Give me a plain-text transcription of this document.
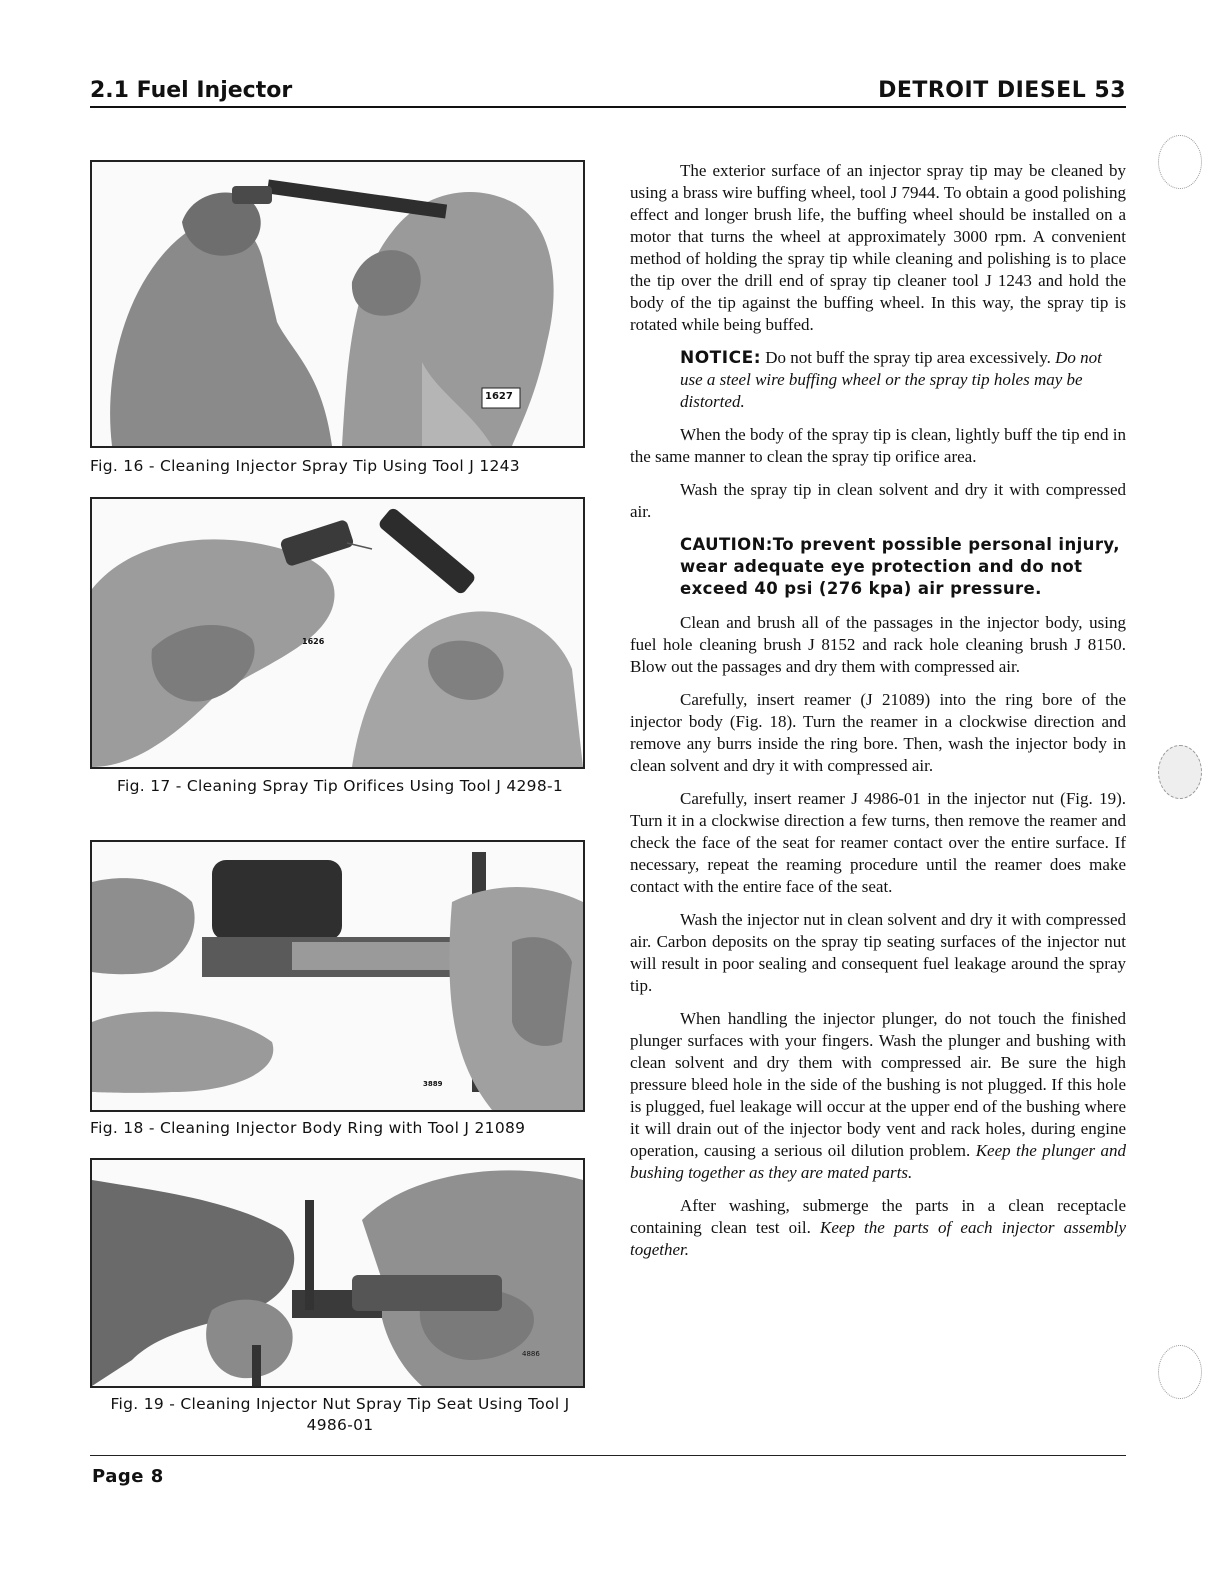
2.1 Fuel Injector	DETROIT DIESEL 53
1627
Fig. 16 - Cleaning Injector Spray Tip Using Tool J 1243
1626
Fig. 17 - Cleaning Spray Tip Orifices Using Tool J 4298-1
3889
Fig. 18 - Cleaning Injector Body Ring with Tool J 21089
4886
Fig. 19 - Cleaning Injector Nut Spray Tip Seat Using Tool J 4986-01

The exterior surface of an injector spray tip may be cleaned by using a brass wire buffing wheel, tool J 7944. To obtain a good polishing effect and longer brush life, the buffing wheel should be installed on a motor that turns the wheel at approximately 3000 rpm. A convenient method of holding the spray tip while cleaning and polishing is to place the tip over the drill end of spray tip cleaner tool J 1243 and hold the body of the tip against the buffing wheel. In this way, the spray tip is rotated while being buffed.

NOTICE: Do not buff the spray tip area excessively. Do not use a steel wire buffing wheel or the spray tip holes may be distorted.

When the body of the spray tip is clean, lightly buff the tip end in the same manner to clean the spray tip orifice area.

Wash the spray tip in clean solvent and dry it with compressed air.

CAUTION:To prevent possible personal injury, wear adequate eye protection and do not exceed 40 psi (276 kpa) air pressure.

Clean and brush all of the passages in the injector body, using fuel hole cleaning brush J 8152 and rack hole cleaning brush J 8150. Blow out the passages and dry them with compressed air.

Carefully, insert reamer (J 21089) into the ring bore of the injector body (Fig. 18). Turn the reamer in a clockwise direction and remove any burrs inside the ring bore. Then, wash the injector body in clean solvent and dry it with compressed air.

Carefully, insert reamer J 4986-01 in the injector nut (Fig. 19). Turn it in a clockwise direction a few turns, then remove the reamer and check the face of the seat for reamer contact over the entire surface. If necessary, repeat the reaming procedure until the reamer does make contact with the entire face of the seat.

Wash the injector nut in clean solvent and dry it with compressed air. Carbon deposits on the spray tip seating surfaces of the injector nut will result in poor sealing and consequent fuel leakage around the spray tip.

When handling the injector plunger, do not touch the finished plunger surfaces with your fingers. Wash the plunger and bushing with clean solvent and dry them with compressed air. Be sure the high pressure bleed hole in the side of the bushing is not plugged. If this hole is plugged, fuel leakage will occur at the upper end of the bushing where it will drain out of the injector body vent and rack holes, during engine operation, causing a serious oil dilution problem. Keep the plunger and bushing together as they are mated parts.

After washing, submerge the parts in a clean receptacle containing clean test oil. Keep the parts of each injector assembly together.

Page 8
